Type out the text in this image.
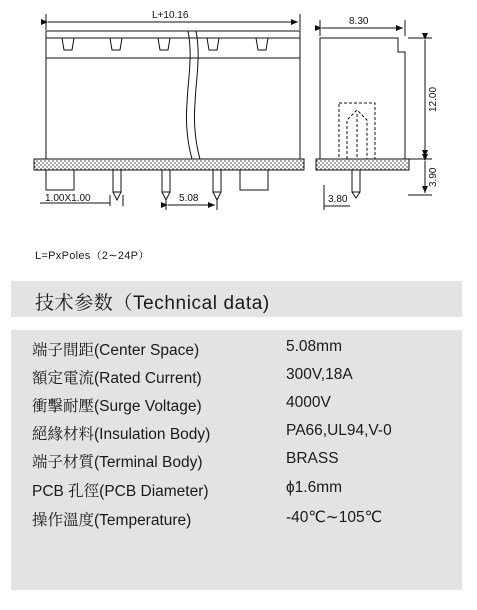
L+10.16
1.00X1.00	5.08
8.30
12.00
3.90
3.80
L=PxPoles（2∼24P）
技术参数（Technical data)
端子間距(Center Space)	5.08mm
額定電流(Rated Current)	300V,18A
衝擊耐壓(Surge Voltage)	4000V
絕緣材料(Insulation Body)	PA66,UL94,V-0
端子材質(Terminal Body)	BRASS
PCB 孔徑(PCB Diameter)	ϕ1.6mm
操作溫度(Temperature)	-40℃∼105℃
